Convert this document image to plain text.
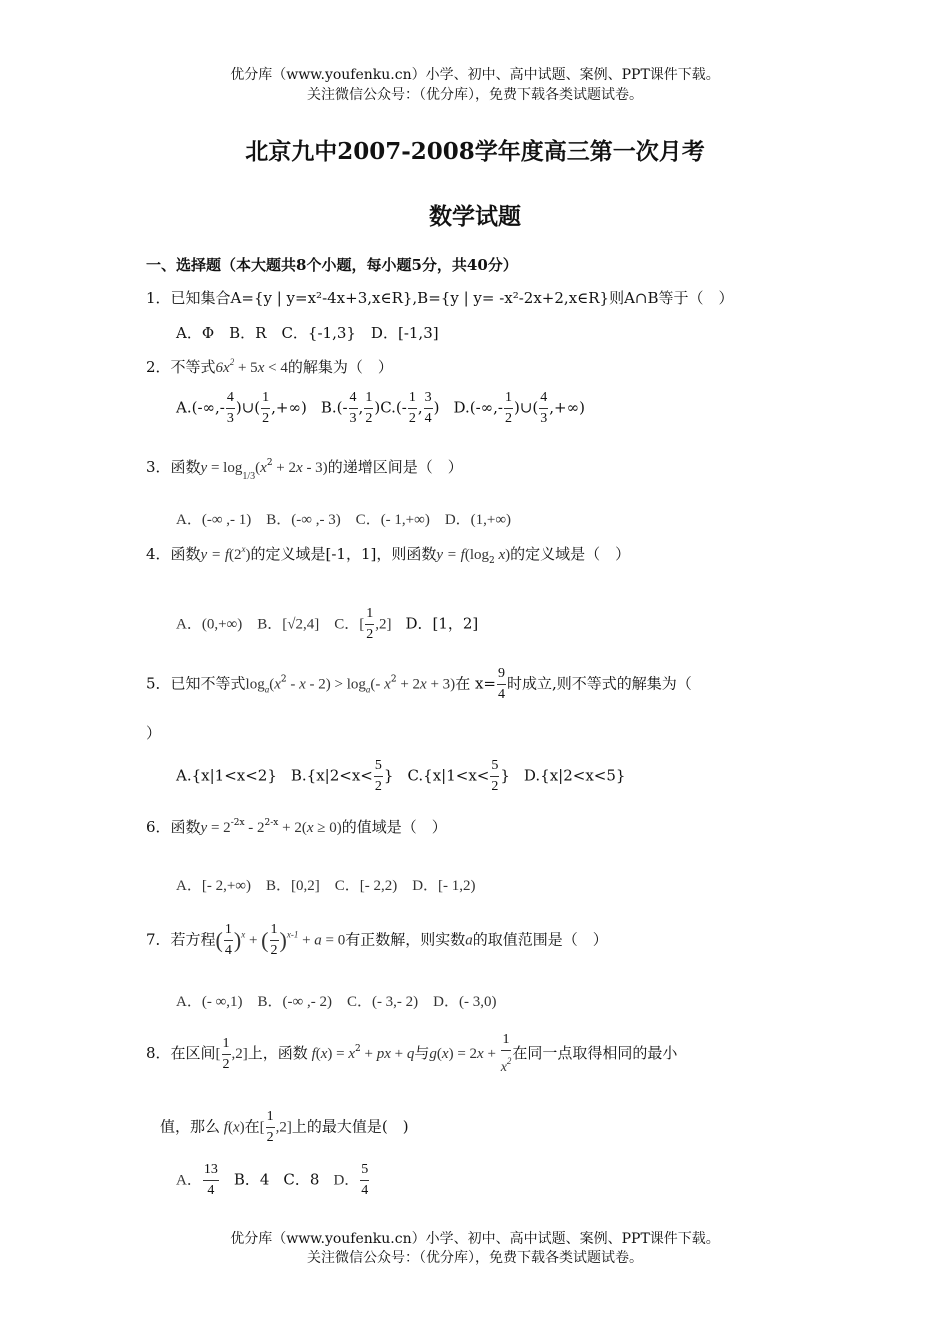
优分库（www.youfenku.cn）小学、初中、高中试题、案例、PPT课件下载。
关注微信公众号：（优分库），免费下载各类试题试卷。
北京九中2007-2008学年度高三第一次月考
数学试题
一、选择题（本大题共8个小题，每小题5分，共40分）
1．已知集合A={y | y=x²-4x+3,x∈R},B={y | y= -x²-2x+2,x∈R}则A∩B等于（　）
A．Φ　B．R　C．{-1,3}　D．[-1,3]
2．不等式$6x^2 + 5x < 4$的解集为（　）
$A.(-\infty,- \frac{4}{3}$ )∪( $\frac{1}{2}$ ,+∞) $B.(- \frac{4}{3}$ , $\frac{1}{2} )C.(- \frac{1}{2}$ , $\frac{3}{4}$ ) $D.(-\infty,- \frac{1}{2}$ )∪( $\frac{4}{3}$ ,+∞)
3．函数$y = \log_{1/3}(x^2 + 2x - 3)$的递增区间是（　）
A．(-∞ ,- 1)　B．(-∞ ,- 3)　C．(- 1,+∞)　D．(1,+∞)
4．函数$y = f(2^x)$的定义域是[-1，1]，则函数$y = f(\log_2$ x)的定义域是（　）
A．(0,+∞)　B．[√2,4]　C．[ $\frac{1}{2} ,2$] D．[1，2]
5．已知不等式$\log_a(x^2 - x - 2) > \log_a(-$ $x^2 + 2x + 3$)在 $x= \frac{9}{4}$ 时成立,则不等式的解集为（
）
A.{x|1<x<2} $B.\{x|2<x< \frac{5}{2}$ } $C.\{x|1<x< \frac{5}{2}$ } D.{x|2<x<5}
6．函数$y = 2^{-2x} - 2^{2-x} + 2(x \ge 0)$的值域是（　）
A．[- 2,+∞)　B．[0,2]　C．[- 2,2)　D．[- 1,2)
7．若方程( $\frac{1}{4} )^x$ + ( $\frac{1}{2} )^{x-1} + a = 0$有正数解，则实数a的取值范围是（　）
A．(- ∞,1)　B．(-∞ ,- 2)　C．(- 3,- 2)　D．(- 3,0)
8．在区间[ $\frac{1}{2} ,2$]上，函数 $f(x) = x^2$ + px + q与$g(x) = 2x + \frac{1}{x^2}$ 在同一点取得相同的最小
值，那么 f(x)在[ $\frac{1}{2} ,2$]上的最大值是(　)
A． $\frac{13}{4}$ B．4 C．8 D． $\frac{5}{4}$
优分库（www.youfenku.cn）小学、初中、高中试题、案例、PPT课件下载。
关注微信公众号：（优分库），免费下载各类试题试卷。
